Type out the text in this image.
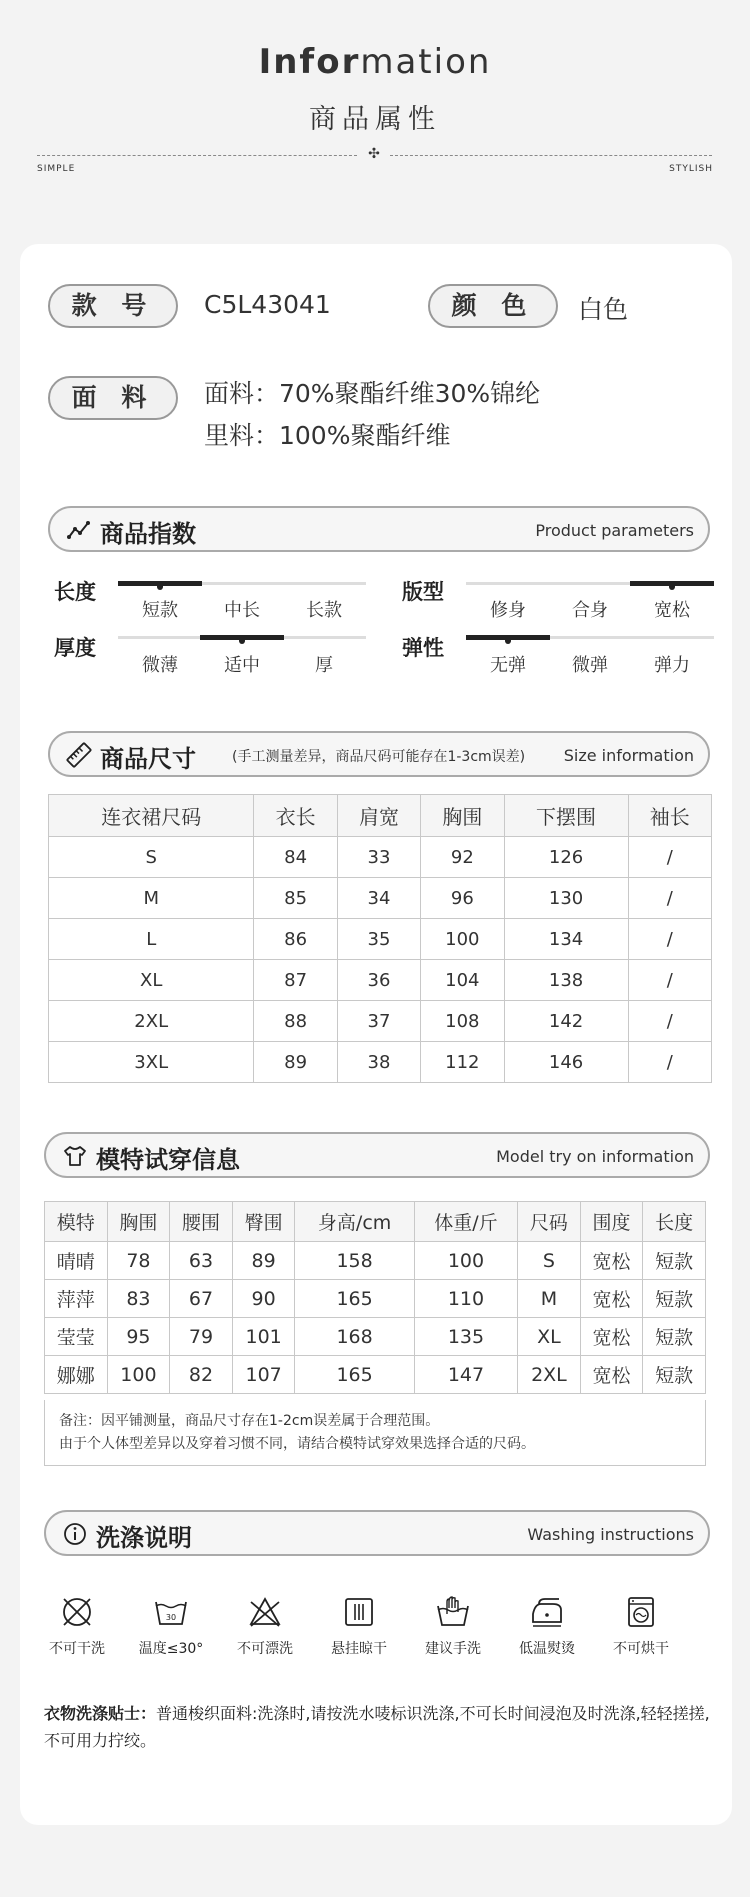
Information
商品属性
✣
SIMPLE	STYLISH
款 号	C5L43041	颜 色	白色
面 料	面料：70%聚酯纤维30%锦纶
里料：100%聚酯纤维
商品指数	Product parameters
长度
短款	中长	长款
版型
修身	合身	宽松
厚度
微薄	适中	厚
弹性
无弹	微弹	弹力
商品尺寸	(手工测量差异，商品尺码可能存在1-3cm误差) Size information
连衣裙尺码	衣长	肩宽	胸围	下摆围	袖长
S	84	33	92	126	/
M	85	34	96	130	/
L	86	35	100	134	/
XL	87	36	104	138	/
2XL	88	37	108	142	/
3XL	89	38	112	146	/
模特试穿信息	Model try on information
模特	胸围	腰围	臀围	身高/cm	体重/斤	尺码	围度	长度
晴晴	78	63	89	158	100	S	宽松	短款
萍萍	83	67	90	165	110	M	宽松	短款
莹莹	95	79	101	168	135	XL	宽松	短款
娜娜	100	82	107	165	147	2XL	宽松	短款
备注：因平铺测量，商品尺寸存在1-2cm误差属于合理范围。
由于个人体型差异以及穿着习惯不同，请结合模特试穿效果选择合适的尺码。
洗涤说明	Washing instructions
不可干洗
30
温度≤30°	不可漂洗	悬挂晾干	建议手洗	低温熨烫	不可烘干
衣物洗涤贴士：普通梭织面料:洗涤时,请按洗水唛标识洗涤,不可长时间浸泡及时洗涤,轻轻搓搓,不可用力拧绞。
